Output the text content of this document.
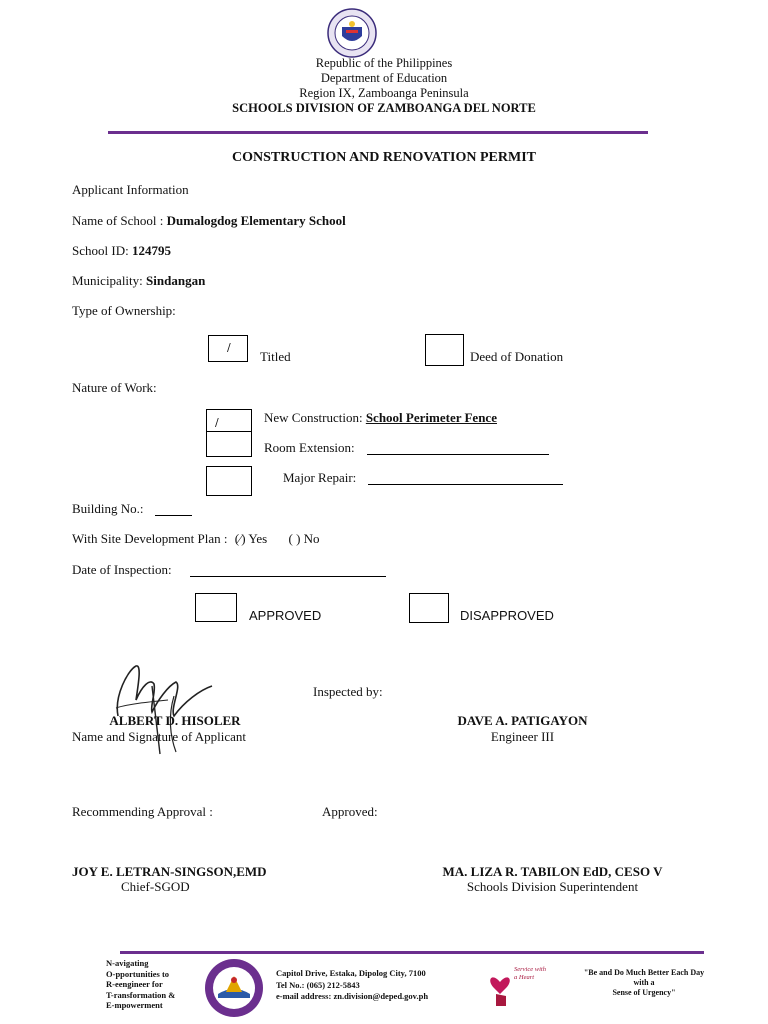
Republic of the Philippines
Department of Education
Region IX, Zamboanga Peninsula
SCHOOLS DIVISION OF ZAMBOANGA DEL NORTE
CONSTRUCTION AND RENOVATION PERMIT
Applicant Information
Name of School : Dumalogdog Elementary School
School ID: 124795
Municipality: Sindangan
Type of Ownership:
∕
Titled	Deed of Donation
Nature of Work:
∕	New Construction: School Perimeter Fence
Room Extension:
Major Repair:
Building No.:
With Site Development Plan : (∕) Yes ( ) No
Date of Inspection:
APPROVED	DISAPPROVED
Inspected by:
ALBERT D. HISOLER
Name and Signature of Applicant
DAVE A. PATIGAYON
Engineer III
Recommending Approval :	Approved:
JOY E. LETRAN-SINGSON,EMD
Chief-SGOD
MA. LIZA R. TABILON EdD, CESO V
Schools Division Superintendent
N-avigating
O-pportunities to
R-eengineer for
T-ransformation &
E-mpowerment
Capitol Drive, Estaka, Dipolog City, 7100
Tel No.: (065) 212-5843
e-mail address: zn.division@deped.gov.ph
Service with a Heart
"Be and Do Much Better Each Day
with a
Sense of Urgency"
